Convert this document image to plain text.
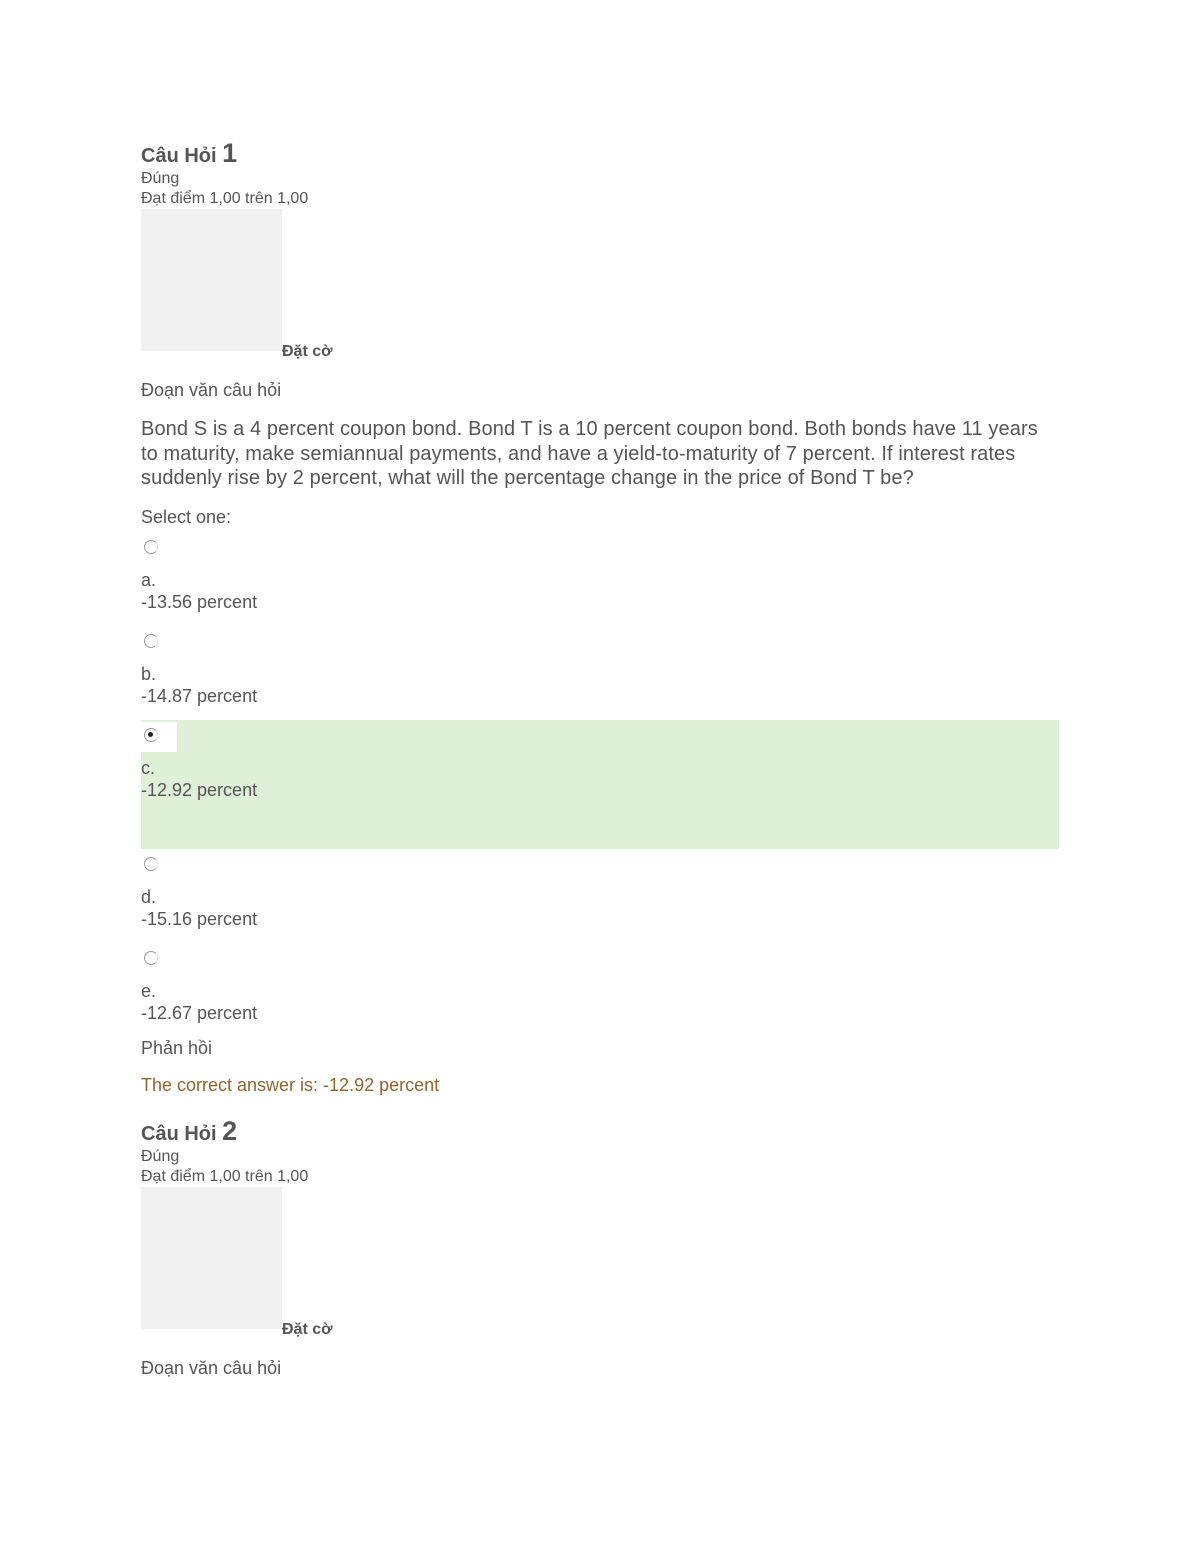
Câu Hỏi 1
Đúng
Đạt điểm 1,00 trên 1,00
Đặt cờ
Đoạn văn câu hỏi
Bond S is a 4 percent coupon bond. Bond T is a 10 percent coupon bond. Both bonds have 11 years to maturity, make semiannual payments, and have a yield-to-maturity of 7 percent. If interest rates suddenly rise by 2 percent, what will the percentage change in the price of Bond T be?
Select one:
a.
-13.56 percent
b.
-14.87 percent
c.
-12.92 percent
d.
-15.16 percent
e.
-12.67 percent
Phản hồi
The correct answer is: -12.92 percent
Câu Hỏi 2
Đúng
Đạt điểm 1,00 trên 1,00
Đặt cờ
Đoạn văn câu hỏi
